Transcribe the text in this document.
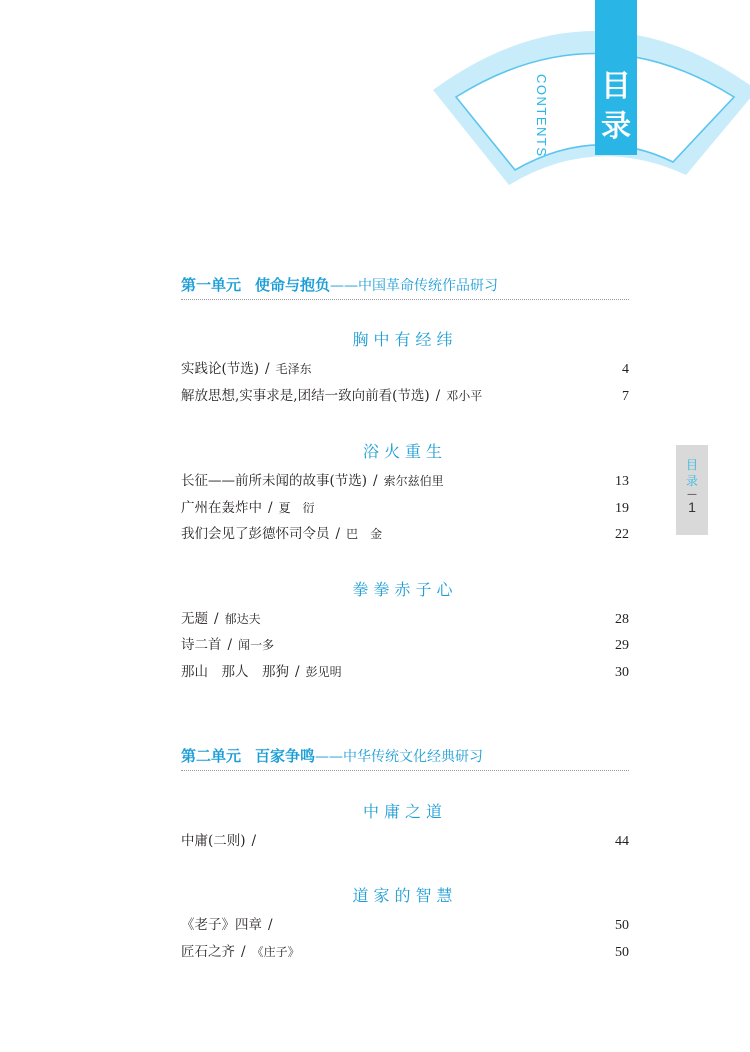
目
录
CONTENTS
目
录
—
1
第一单元 使命与抱负——中国革命传统作品研习
胸中有经纬
实践论(节选) / 毛泽东	4
解放思想,实事求是,团结一致向前看(节选) / 邓小平	7
浴火重生
长征——前所未闻的故事(节选) / 索尔兹伯里	13
广州在轰炸中 / 夏　衍	19
我们会见了彭德怀司令员 / 巴　金	22
拳拳赤子心
无题 / 郁达夫	28
诗二首 / 闻一多	29
那山　那人　那狗 / 彭见明	30
第二单元 百家争鸣——中华传统文化经典研习
中庸之道
中庸(二则) /	44
道家的智慧
《老子》四章 /	50
匠石之齐 / 《庄子》	50
